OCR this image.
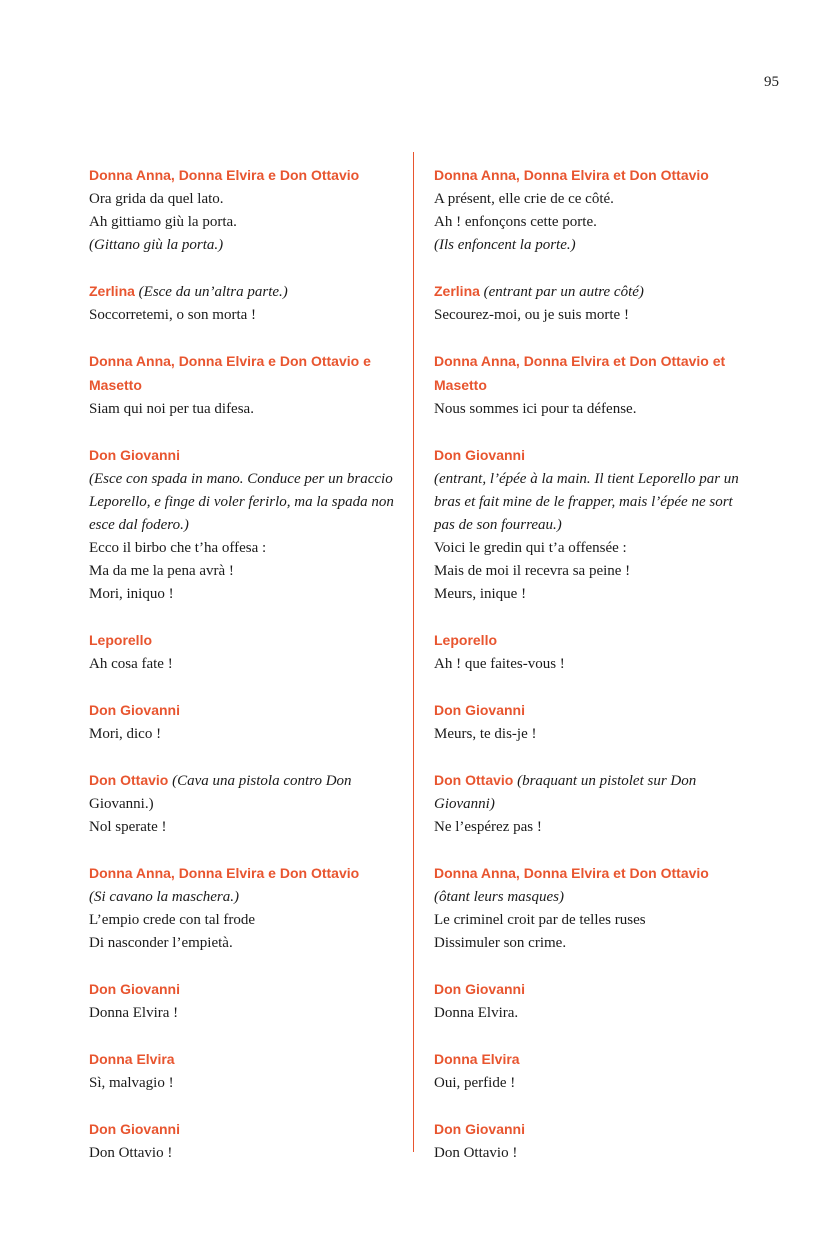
95
Donna Anna, Donna Elvira e Don Ottavio
Ora grida da quel lato.
Ah gittiamo giù la porta.
(Gittano giù la porta.)
Zerlina (Esce da un’altra parte.)
Soccorretemi, o son morta !
Donna Anna, Donna Elvira e Don Ottavio e Masetto
Siam qui noi per tua difesa.
Don Giovanni
(Esce con spada in mano. Conduce per un braccio Leporello, e finge di voler ferirlo, ma la spada non esce dal fodero.)
Ecco il birbo che t’ha offesa :
Ma da me la pena avrà !
Mori, iniquo !
Leporello
Ah cosa fate !
Don Giovanni
Mori, dico !
Don Ottavio (Cava una pistola contro Don
Giovanni.)
Nol sperate !
Donna Anna, Donna Elvira e Don Ottavio
(Si cavano la maschera.)
L’empio crede con tal frode
Di nasconder l’empietà.
Don Giovanni
Donna Elvira !
Donna Elvira
Sì, malvagio !
Don Giovanni
Don Ottavio !
Donna Anna, Donna Elvira et Don Ottavio
A présent, elle crie de ce côté.
Ah ! enfonçons cette porte.
(Ils enfoncent la porte.)
Zerlina (entrant par un autre côté)
Secourez-moi, ou je suis morte !
Donna Anna, Donna Elvira et Don Ottavio et Masetto
Nous sommes ici pour ta défense.
Don Giovanni
(entrant, l’épée à la main. Il tient Leporello par un bras et fait mine de le frapper, mais l’épée ne sort pas de son fourreau.)
Voici le gredin qui t’a offensée :
Mais de moi il recevra sa peine !
Meurs, inique !
Leporello
Ah ! que faites-vous !
Don Giovanni
Meurs, te dis-je !
Don Ottavio (braquant un pistolet sur Don
Giovanni)
Ne l’espérez pas !
Donna Anna, Donna Elvira et Don Ottavio
(ôtant leurs masques)
Le criminel croit par de telles ruses
Dissimuler son crime.
Don Giovanni
Donna Elvira.
Donna Elvira
Oui, perfide !
Don Giovanni
Don Ottavio !
